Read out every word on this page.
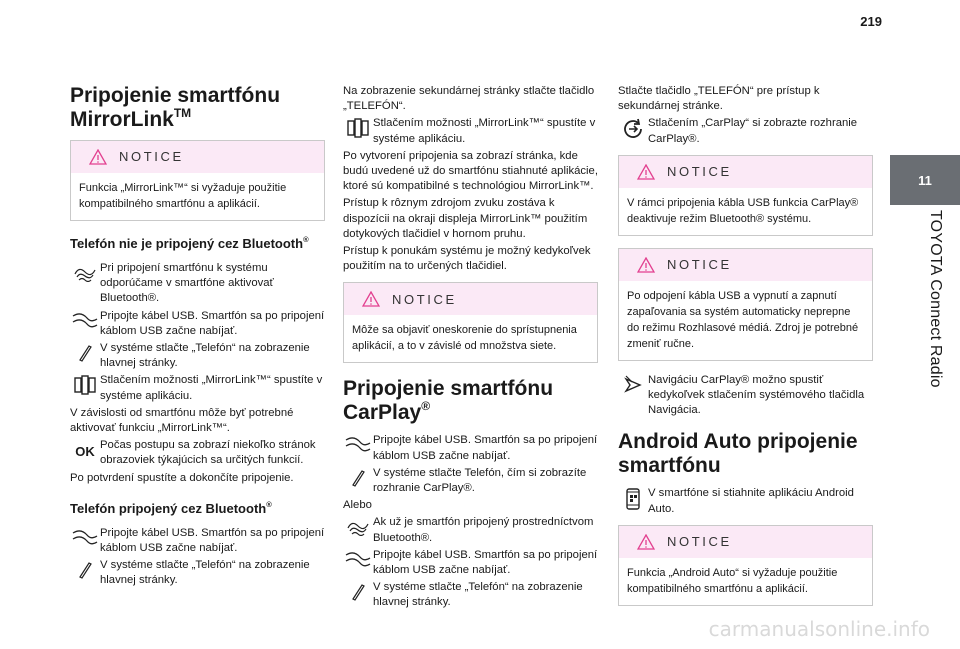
219
11
TOYOTA Connect Radio
Pripojenie smartfónu
MirrorLink™
NOTICE
Funkcia „MirrorLink™“ si vyžaduje použitie kompatibilného smartfónu a aplikácií.
Telefón nie je pripojený cez Bluetooth®
Pri pripojení smartfónu k systému odporúčame v smartfóne aktivovať Bluetooth®.
Pripojte kábel USB. Smartfón sa po pripojení káblom USB začne nabíjať.
V systéme stlačte „Telefón“ na zobrazenie hlavnej stránky.
Stlačením možnosti „MirrorLink™“ spustíte v systéme aplikáciu.
V závislosti od smartfónu môže byť potrebné aktivovať funkciu „MirrorLink™“.
OK Počas postupu sa zobrazí niekoľko stránok obrazoviek týkajúcich sa určitých funkcií.
Po potvrdení spustíte a dokončíte pripojenie.
Telefón pripojený cez Bluetooth®
Pripojte kábel USB. Smartfón sa po pripojení káblom USB začne nabíjať.
V systéme stlačte „Telefón“ na zobrazenie hlavnej stránky.
Na zobrazenie sekundárnej stránky stlačte tlačidlo „TELEFÓN“.
Stlačením možnosti „MirrorLink™“ spustíte v systéme aplikáciu.
Po vytvorení pripojenia sa zobrazí stránka, kde budú uvedené už do smartfónu stiahnuté aplikácie, ktoré sú kompatibilné s technológiou MirrorLink™.
Prístup k rôznym zdrojom zvuku zostáva k dispozícii na okraji displeja MirrorLink™ použitím dotykových tlačidiel v hornom pruhu.
Prístup k ponukám systému je možný kedykoľvek použitím na to určených tlačidiel.
NOTICE
Môže sa objaviť oneskorenie do sprístupnenia aplikácií, a to v závislé od množstva siete.
Pripojenie smartfónu
CarPlay®
Pripojte kábel USB. Smartfón sa po pripojení káblom USB začne nabíjať.
V systéme stlačte Telefón, čím si zobrazíte rozhranie CarPlay®.
Alebo
Ak už je smartfón pripojený prostredníctvom Bluetooth®.
Pripojte kábel USB. Smartfón sa po pripojení káblom USB začne nabíjať.
V systéme stlačte „Telefón“ na zobrazenie hlavnej stránky.
Stlačte tlačidlo „TELEFÓN“ pre prístup k sekundárnej stránke.
Stlačením „CarPlay“ si zobrazte rozhranie CarPlay®.
NOTICE
V rámci pripojenia kábla USB funkcia CarPlay® deaktivuje režim Bluetooth® systému.
NOTICE
Po odpojení kábla USB a vypnutí a zapnutí zapaľovania sa systém automaticky neprepne do režimu Rozhlasové médiá. Zdroj je potrebné zmeniť ručne.
Navigáciu CarPlay® možno spustiť kedykoľvek stlačením systémového tlačidla Navigácia.
Android Auto pripojenie
smartfónu
V smartfóne si stiahnite aplikáciu Android Auto.
NOTICE
Funkcia „Android Auto“ si vyžaduje použitie kompatibilného smartfónu a aplikácií.
carmanualsonline.info
